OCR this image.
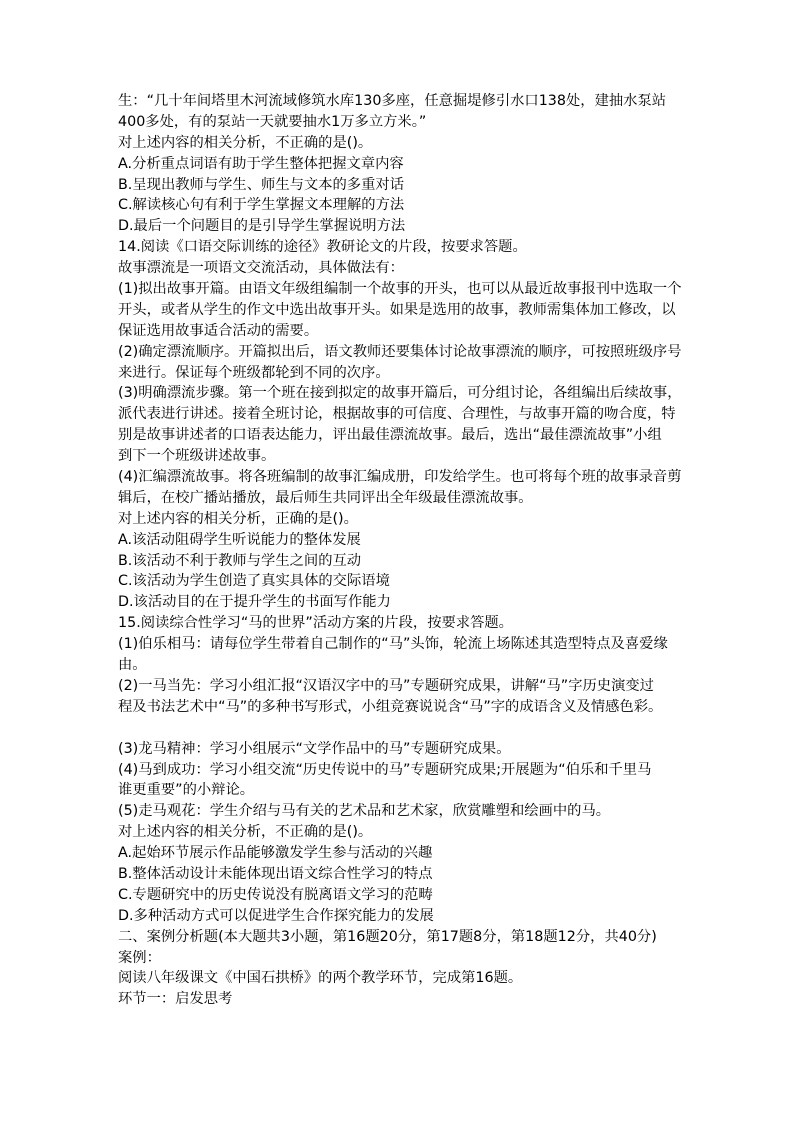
生：“几十年间塔里木河流域修筑水库130多座，任意掘堤修引水口138处，建抽水泵站
400多处，有的泵站一天就要抽水1万多立方米。”
对上述内容的相关分析，不正确的是()。
A.分析重点词语有助于学生整体把握文章内容
B.呈现出教师与学生、师生与文本的多重对话
C.解读核心句有利于学生掌握文本理解的方法
D.最后一个问题目的是引导学生掌握说明方法
14.阅读《口语交际训练的途径》教研论文的片段，按要求答题。
故事漂流是一项语文交流活动，具体做法有：
(1)拟出故事开篇。由语文年级组编制一个故事的开头，也可以从最近故事报刊中选取一个
开头，或者从学生的作文中选出故事开头。如果是选用的故事，教师需集体加工修改，以
保证选用故事适合活动的需要。
(2)确定漂流顺序。开篇拟出后，语文教师还要集体讨论故事漂流的顺序，可按照班级序号
来进行。保证每个班级都轮到不同的次序。
(3)明确漂流步骤。第一个班在接到拟定的故事开篇后，可分组讨论，各组编出后续故事，
派代表进行讲述。接着全班讨论，根据故事的可信度、合理性，与故事开篇的吻合度，特
别是故事讲述者的口语表达能力，评出最佳漂流故事。最后，选出“最佳漂流故事”小组
到下一个班级讲述故事。
(4)汇编漂流故事。将各班编制的故事汇编成册，印发给学生。也可将每个班的故事录音剪
辑后，在校广播站播放，最后师生共同评出全年级最佳漂流故事。
对上述内容的相关分析，正确的是()。
A.该活动阻碍学生听说能力的整体发展
B.该活动不利于教师与学生之间的互动
C.该活动为学生创造了真实具体的交际语境
D.该活动目的在于提升学生的书面写作能力
15.阅读综合性学习“马的世界”活动方案的片段，按要求答题。
(1)伯乐相马：请每位学生带着自己制作的“马”头饰，轮流上场陈述其造型特点及喜爱缘
由。
(2)一马当先：学习小组汇报“汉语汉字中的马”专题研究成果，讲解“马”字历史演变过
程及书法艺术中“马”的多种书写形式，小组竞赛说说含“马”字的成语含义及情感色彩。
(3)龙马精神：学习小组展示“文学作品中的马”专题研究成果。
(4)马到成功：学习小组交流“历史传说中的马”专题研究成果;开展题为“伯乐和千里马
谁更重要”的小辩论。
(5)走马观花：学生介绍与马有关的艺术品和艺术家，欣赏雕塑和绘画中的马。
对上述内容的相关分析，不正确的是()。
A.起始环节展示作品能够激发学生参与活动的兴趣
B.整体活动设计未能体现出语文综合性学习的特点
C.专题研究中的历史传说没有脱离语文学习的范畴
D.多种活动方式可以促进学生合作探究能力的发展
二、案例分析题(本大题共3小题，第16题20分，第17题8分，第18题12分，共40分)
案例：
阅读八年级课文《中国石拱桥》的两个教学环节，完成第16题。
环节一：启发思考
